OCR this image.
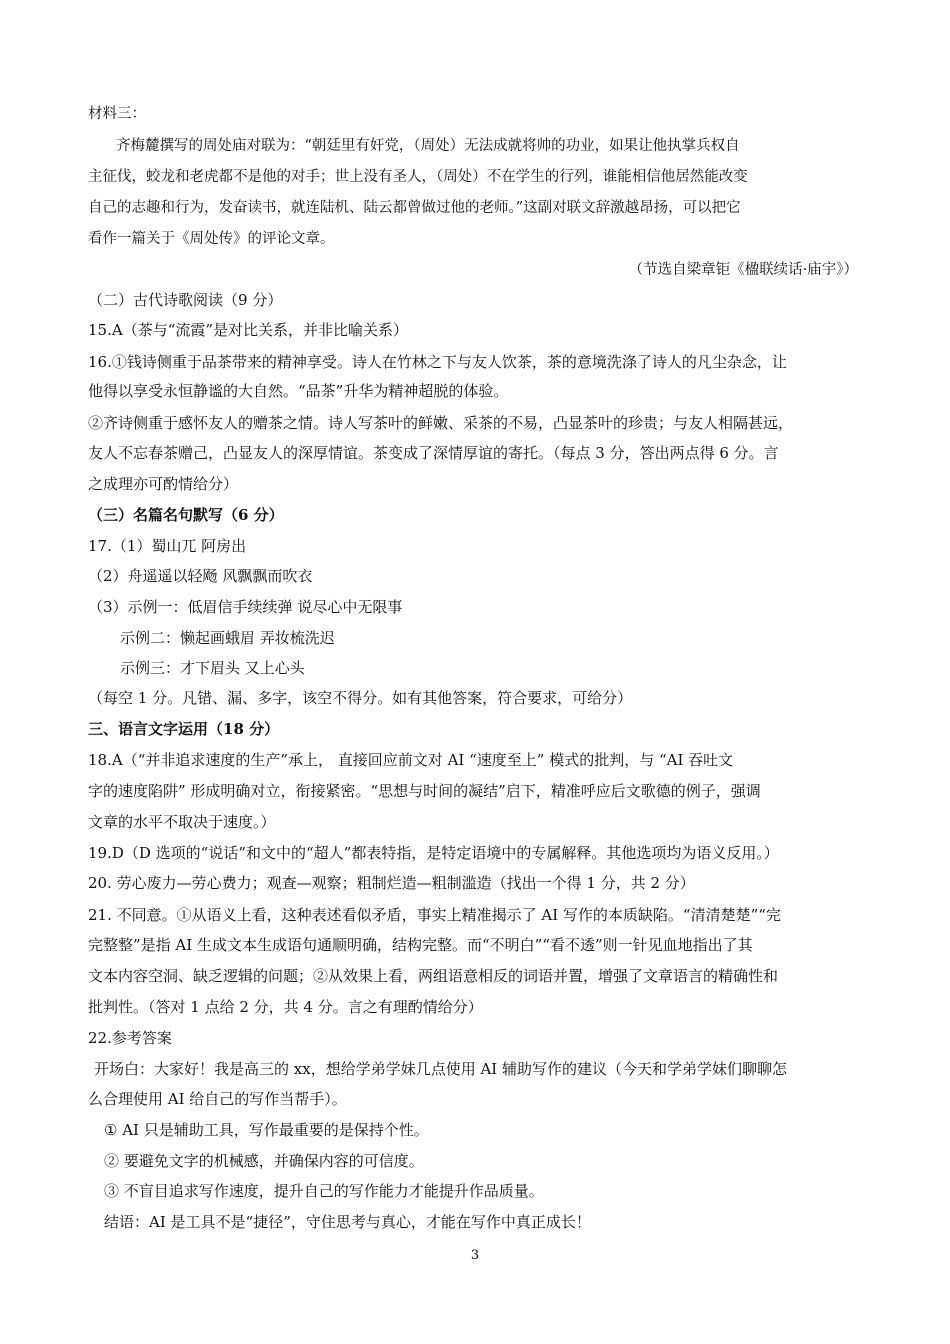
材料三：
齐梅麓撰写的周处庙对联为：“朝廷里有奸党，（周处）无法成就将帅的功业，如果让他执掌兵权自
主征伐，蛟龙和老虎都不是他的对手；世上没有圣人，（周处）不在学生的行列，谁能相信他居然能改变
自己的志趣和行为，发奋读书，就连陆机、陆云都曾做过他的老师。”这副对联文辞激越昂扬，可以把它
看作一篇关于《周处传》的评论文章。
（节选自梁章钜《楹联续话·庙宇》）
（二）古代诗歌阅读（9 分）
15.A（茶与“流霞”是对比关系，并非比喻关系）
16.①钱诗侧重于品茶带来的精神享受。诗人在竹林之下与友人饮茶，茶的意境洗涤了诗人的凡尘杂念，让
他得以享受永恒静谧的大自然。“品茶”升华为精神超脱的体验。
②齐诗侧重于感怀友人的赠茶之情。诗人写茶叶的鲜嫩、采茶的不易，凸显茶叶的珍贵；与友人相隔甚远，
友人不忘春茶赠己，凸显友人的深厚情谊。茶变成了深情厚谊的寄托。（每点 3 分，答出两点得 6 分。言
之成理亦可酌情给分）
（三）名篇名句默写（6 分）
17.（1）蜀山兀 阿房出
（2）舟遥遥以轻飏 风飘飘而吹衣
（3）示例一：低眉信手续续弹 说尽心中无限事
示例二：懒起画蛾眉 弄妆梳洗迟
示例三：才下眉头 又上心头
（每空 1 分。凡错、漏、多字，该空不得分。如有其他答案，符合要求，可给分）
三、语言文字运用（18 分）
18.A（“并非追求速度的生产”承上， 直接回应前文对 AI “速度至上” 模式的批判，与 “AI 吞吐文
字的速度陷阱” 形成明确对立，衔接紧密。“思想与时间的凝结”启下，精准呼应后文歌德的例子，强调
文章的水平不取决于速度。）
19.D（D 选项的“说话”和文中的“超人”都表特指，是特定语境中的专属解释。其他选项均为语义反用。）
20. 劳心废力—劳心费力；观查—观察；粗制烂造—粗制滥造（找出一个得 1 分，共 2 分）
21. 不同意。①从语义上看，这种表述看似矛盾，事实上精准揭示了 AI 写作的本质缺陷。“清清楚楚”“完
完整整”是指 AI 生成文本生成语句通顺明确，结构完整。而“不明白”“看不透”则一针见血地指出了其
文本内容空洞、缺乏逻辑的问题；②从效果上看，两组语意相反的词语并置，增强了文章语言的精确性和
批判性。（答对 1 点给 2 分，共 4 分。言之有理酌情给分）
22.参考答案
开场白：大家好！我是高三的 xx，想给学弟学妹几点使用 AI 辅助写作的建议（今天和学弟学妹们聊聊怎
么合理使用 AI 给自己的写作当帮手）。
① AI 只是辅助工具，写作最重要的是保持个性。
② 要避免文字的机械感，并确保内容的可信度。
③ 不盲目追求写作速度，提升自己的写作能力才能提升作品质量。
结语：AI 是工具不是“捷径”，守住思考与真心，才能在写作中真正成长！
3
